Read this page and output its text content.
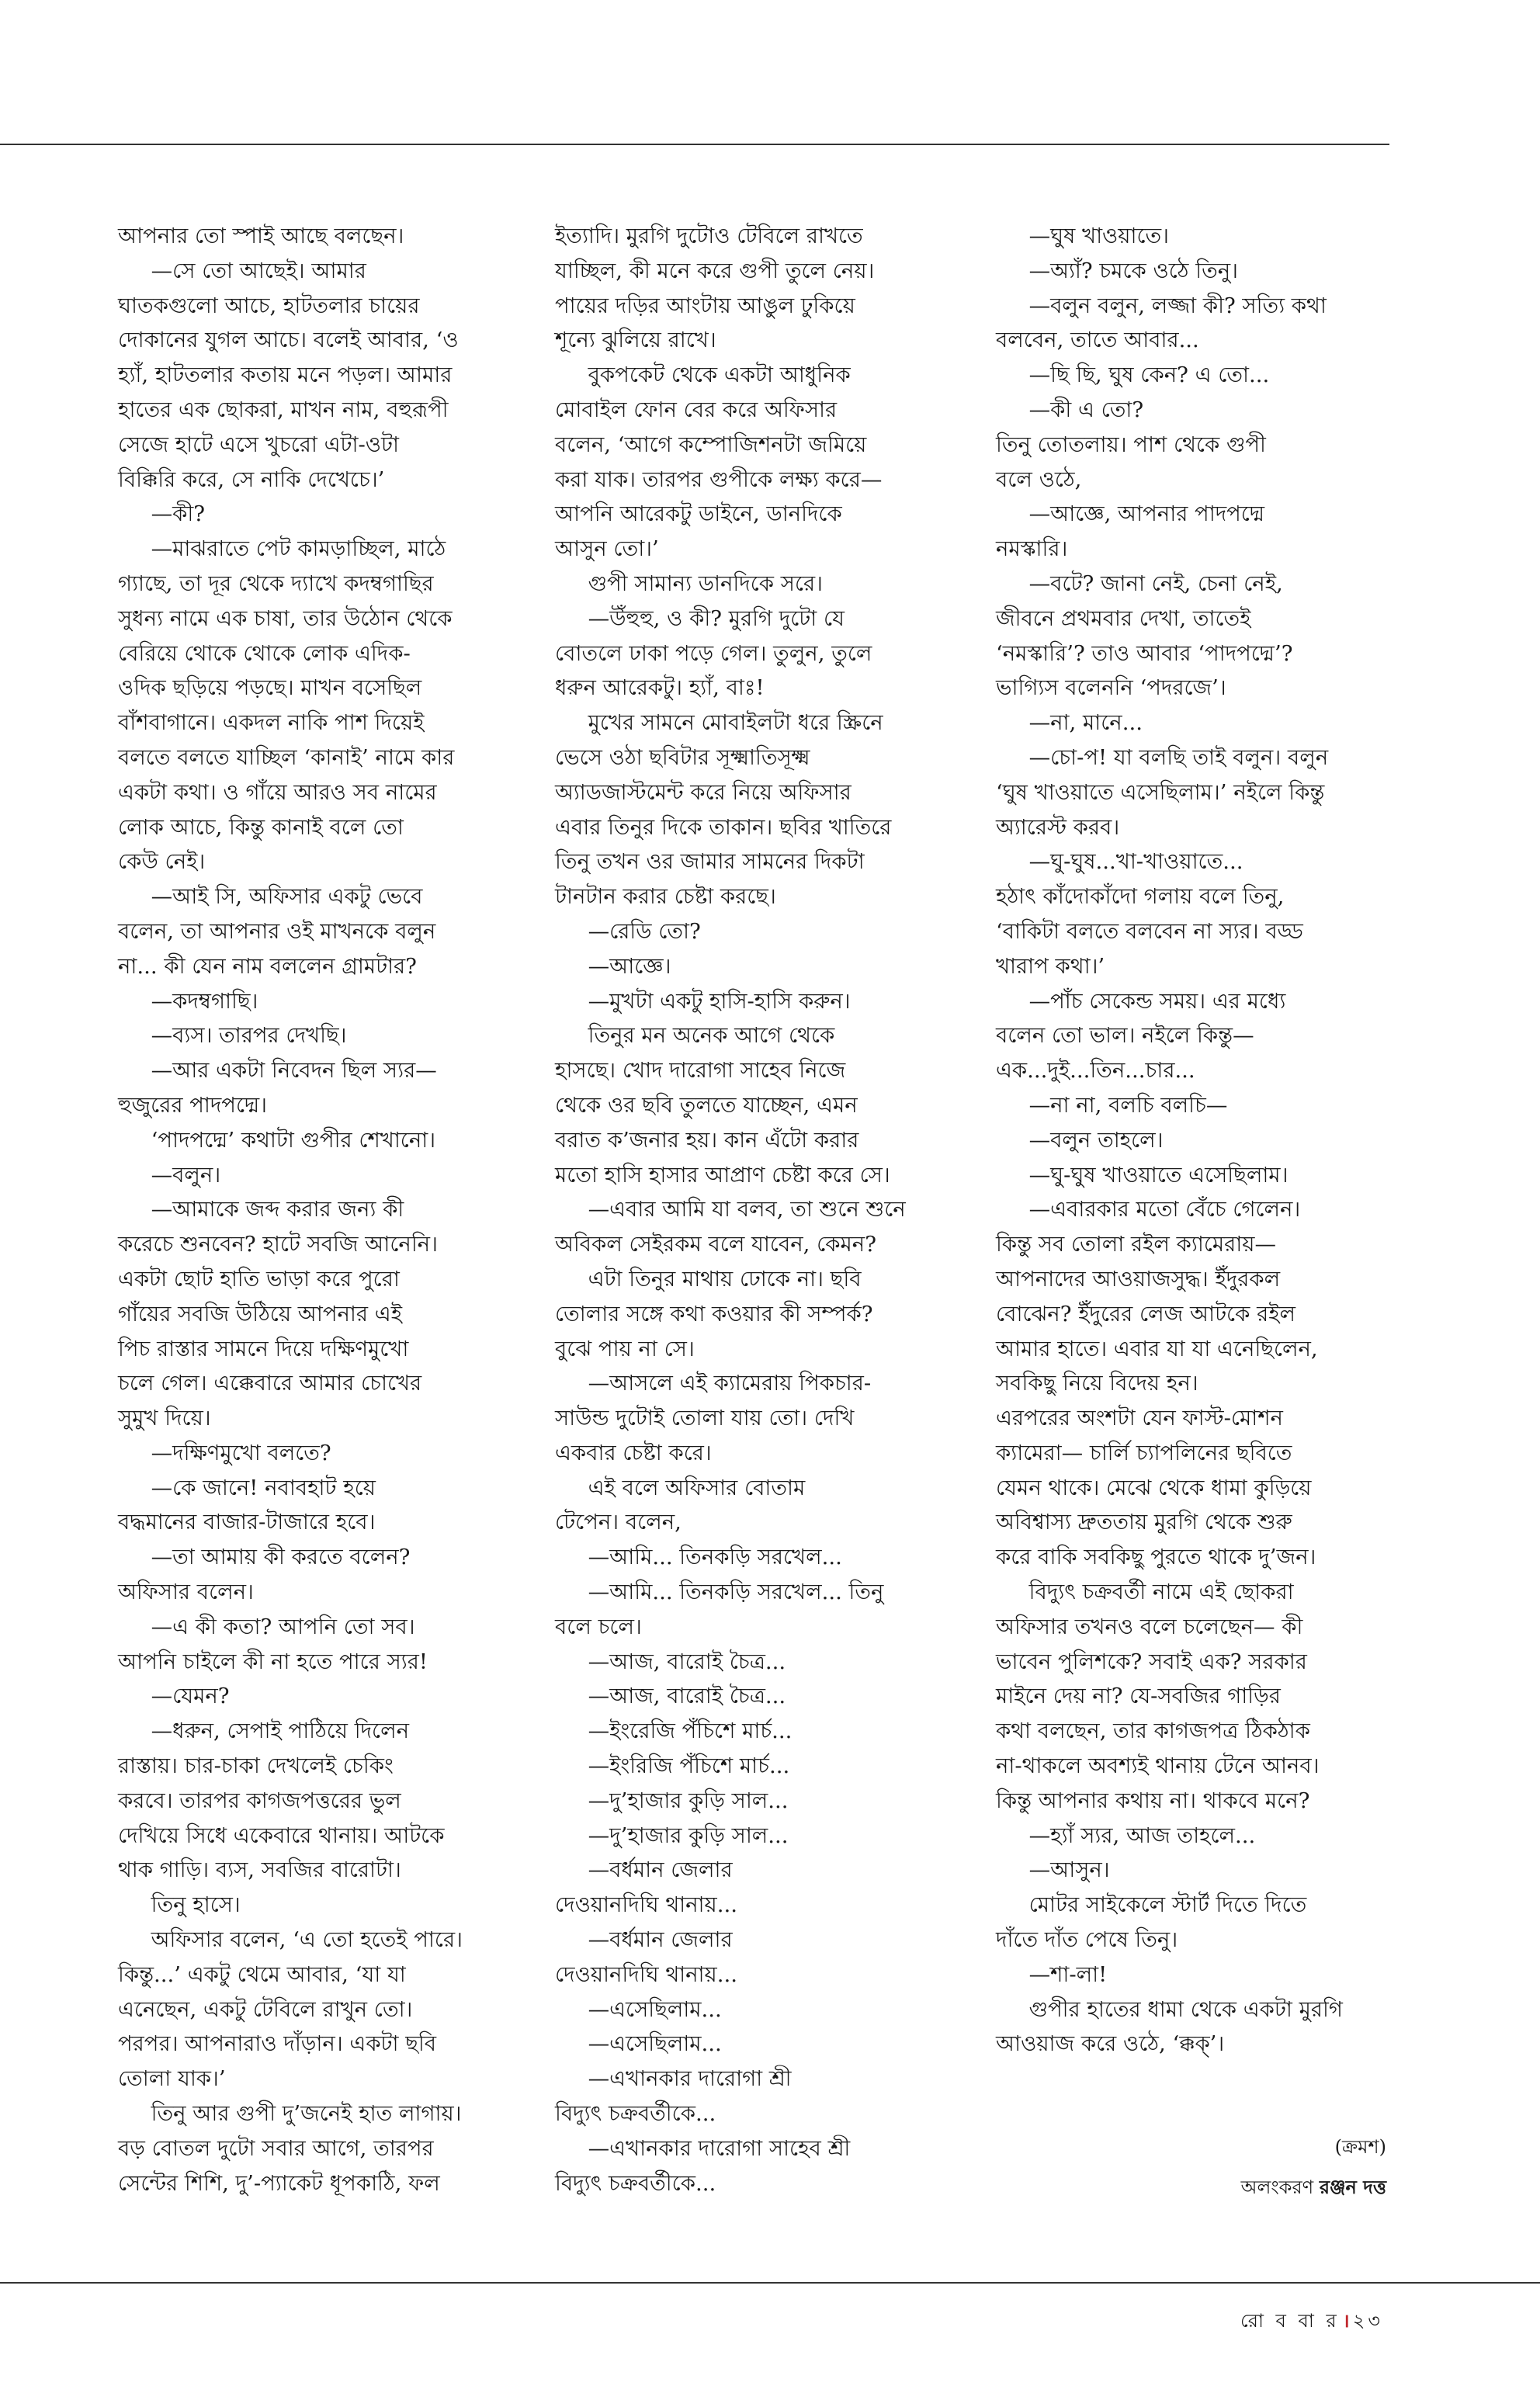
আপনার তো স্পাই আছে বলছেন।

—সে তো আছেই। আমার

ঘাতকগুলো আচে, হাটতলার চায়ের

দোকানের যুগল আচে। বলেই আবার, ‘ও

হ্যাঁ, হাটতলার কতায় মনে পড়ল। আমার

হাতের এক ছোকরা, মাখন নাম, বহুরূপী

সেজে হাটে এসে খুচরো এটা-ওটা

বিক্কিরি করে, সে নাকি দেখেচে।’

—কী?

—মাঝরাতে পেট কামড়াচ্ছিল, মাঠে

গ্যাছে, তা দূর থেকে দ্যাখে কদম্বগাছির

সুধন্য নামে এক চাষা, তার উঠোন থেকে

বেরিয়ে থোকে থোকে লোক এদিক-

ওদিক ছড়িয়ে পড়ছে। মাখন বসেছিল

বাঁশবাগানে। একদল নাকি পাশ দিয়েই

বলতে বলতে যাচ্ছিল ‘কানাই’ নামে কার

একটা কথা। ও গাঁয়ে আরও সব নামের

লোক আচে, কিন্তু কানাই বলে তো

কেউ নেই।

—আই সি, অফিসার একটু ভেবে

বলেন, তা আপনার ওই মাখনকে বলুন

না... কী যেন নাম বললেন গ্রামটার?

—কদম্বগাছি।

—ব্যস। তারপর দেখছি।

—আর একটা নিবেদন ছিল স্যর—

হুজুরের পাদপদ্মে।

‘পাদপদ্মে’ কথাটা গুপীর শেখানো।

—বলুন।

—আমাকে জব্দ করার জন্য কী

করেচে শুনবেন? হাটে সবজি আনেনি।

একটা ছোট হাতি ভাড়া করে পুরো

গাঁয়ের সবজি উঠিয়ে আপনার এই

পিচ রাস্তার সামনে দিয়ে দক্ষিণমুখো

চলে গেল। এক্কেবারে আমার চোখের

সুমুখ দিয়ে।

—দক্ষিণমুখো বলতে?

—কে জানে! নবাবহাট হয়ে

বদ্ধমানের বাজার-টাজারে হবে।

—তা আমায় কী করতে বলেন?

অফিসার বলেন।

—এ কী কতা? আপনি তো সব।

আপনি চাইলে কী না হতে পারে স্যর!

—যেমন?

—ধরুন, সেপাই পাঠিয়ে দিলেন

রাস্তায়। চার-চাকা দেখলেই চেকিং

করবে। তারপর কাগজপত্তরের ভুল

দেখিয়ে সিধে একেবারে থানায়। আটকে

থাক গাড়ি। ব্যস, সবজির বারোটা।

তিনু হাসে।

অফিসার বলেন, ‘এ তো হতেই পারে।

কিন্তু...’ একটু থেমে আবার, ‘যা যা

এনেছেন, একটু টেবিলে রাখুন তো।

পরপর। আপনারাও দাঁড়ান। একটা ছবি

তোলা যাক।’

তিনু আর গুপী দু’জনেই হাত লাগায়।

বড় বোতল দুটো সবার আগে, তারপর

সেন্টের শিশি, দু’-প্যাকেট ধূপকাঠি, ফল

ইত্যাদি। মুরগি দুটোও টেবিলে রাখতে

যাচ্ছিল, কী মনে করে গুপী তুলে নেয়।

পায়ের দড়ির আংটায় আঙুল ঢুকিয়ে

শূন্যে ঝুলিয়ে রাখে।

বুকপকেট থেকে একটা আধুনিক

মোবাইল ফোন বের করে অফিসার

বলেন, ‘আগে কম্পোজিশনটা জমিয়ে

করা যাক। তারপর গুপীকে লক্ষ্য করে—

আপনি আরেকটু ডাইনে, ডানদিকে

আসুন তো।’

গুপী সামান্য ডানদিকে সরে।

—উঁহুহু, ও কী? মুরগি দুটো যে

বোতলে ঢাকা পড়ে গেল। তুলুন, তুলে

ধরুন আরেকটু। হ্যাঁ, বাঃ!

মুখের সামনে মোবাইলটা ধরে স্ক্রিনে

ভেসে ওঠা ছবিটার সূক্ষ্মাতিসূক্ষ্ম

অ্যাডজাস্টমেন্ট করে নিয়ে অফিসার

এবার তিনুর দিকে তাকান। ছবির খাতিরে

তিনু তখন ওর জামার সামনের দিকটা

টানটান করার চেষ্টা করছে।

—রেডি তো?

—আজ্ঞে।

—মুখটা একটু হাসি-হাসি করুন।

তিনুর মন অনেক আগে থেকে

হাসছে। খোদ দারোগা সাহেব নিজে

থেকে ওর ছবি তুলতে যাচ্ছেন, এমন

বরাত ক’জনার হয়। কান এঁটো করার

মতো হাসি হাসার আপ্রাণ চেষ্টা করে সে।

—এবার আমি যা বলব, তা শুনে শুনে

অবিকল সেইরকম বলে যাবেন, কেমন?

এটা তিনুর মাথায় ঢোকে না। ছবি

তোলার সঙ্গে কথা কওয়ার কী সম্পর্ক?

বুঝে পায় না সে।

—আসলে এই ক্যামেরায় পিকচার-

সাউন্ড দুটোই তোলা যায় তো। দেখি

একবার চেষ্টা করে।

এই বলে অফিসার বোতাম

টেপেন। বলেন,

—আমি... তিনকড়ি সরখেল...

—আমি... তিনকড়ি সরখেল... তিনু

বলে চলে।

—আজ, বারোই চৈত্র...

—আজ, বারোই চৈত্র...

—ইংরেজি পঁচিশে মার্চ...

—ইংরিজি পঁচিশে মার্চ...

—দু’হাজার কুড়ি সাল...

—দু’হাজার কুড়ি সাল...

—বর্ধমান জেলার

দেওয়ানদিঘি থানায়...

—বর্ধমান জেলার

দেওয়ানদিঘি থানায়...

—এসেছিলাম...

—এসেছিলাম...

—এখানকার দারোগা শ্রী

বিদ্যুৎ চক্রবর্তীকে...

—এখানকার দারোগা সাহেব শ্রী

বিদ্যুৎ চক্রবর্তীকে...

—ঘুষ খাওয়াতে।

—অ্যাঁ? চমকে ওঠে তিনু।

—বলুন বলুন, লজ্জা কী? সত্যি কথা

বলবেন, তাতে আবার...

—ছি ছি, ঘুষ কেন? এ তো...

—কী এ তো?

তিনু তোতলায়। পাশ থেকে গুপী

বলে ওঠে,

—আজ্ঞে, আপনার পাদপদ্মে

নমস্কারি।

—বটে? জানা নেই, চেনা নেই,

জীবনে প্রথমবার দেখা, তাতেই

‘নমস্কারি’? তাও আবার ‘পাদপদ্মে’?

ভাগ্যিস বলেননি ‘পদরজে’।

—না, মানে...

—চো-প! যা বলছি তাই বলুন। বলুন

‘ঘুষ খাওয়াতে এসেছিলাম।’ নইলে কিন্তু

অ্যারেস্ট করব।

—ঘু-ঘুষ...খা-খাওয়াতে...

হঠাৎ কাঁদোকাঁদো গলায় বলে তিনু,

‘বাকিটা বলতে বলবেন না স্যর। বড্ড

খারাপ কথা।’

—পাঁচ সেকেন্ড সময়। এর মধ্যে

বলেন তো ভাল। নইলে কিন্তু—

এক...দুই...তিন...চার...

—না না, বলচি বলচি—

—বলুন তাহলে।

—ঘু-ঘুষ খাওয়াতে এসেছিলাম।

—এবারকার মতো বেঁচে গেলেন।

কিন্তু সব তোলা রইল ক্যামেরায়—

আপনাদের আওয়াজসুদ্ধ। ইঁদুরকল

বোঝেন? ইঁদুরের লেজ আটকে রইল

আমার হাতে। এবার যা যা এনেছিলেন,

সবকিছু নিয়ে বিদেয় হন।

এরপরের অংশটা যেন ফাস্ট-মোশন

ক্যামেরা— চার্লি চ্যাপলিনের ছবিতে

যেমন থাকে। মেঝে থেকে ধামা কুড়িয়ে

অবিশ্বাস্য দ্রুততায় মুরগি থেকে শুরু

করে বাকি সবকিছু পুরতে থাকে দু’জন।

বিদ্যুৎ চক্রবর্তী নামে এই ছোকরা

অফিসার তখনও বলে চলেছেন— কী

ভাবেন পুলিশকে? সবাই এক? সরকার

মাইনে দেয় না? যে-সবজির গাড়ির

কথা বলছেন, তার কাগজপত্র ঠিকঠাক

না-থাকলে অবশ্যই থানায় টেনে আনব।

কিন্তু আপনার কথায় না। থাকবে মনে?

—হ্যাঁ স্যর, আজ তাহলে...

—আসুন।

মোটর সাইকেলে স্টার্ট দিতে দিতে

দাঁতে দাঁত পেষে তিনু।

—শা-লা!

গুপীর হাতের ধামা থেকে একটা মুরগি

আওয়াজ করে ওঠে, ‘ক্কক্’।

(ক্রমশ)
অলংকরণ রঞ্জন দত্ত
রো ব বা র । ২৩
